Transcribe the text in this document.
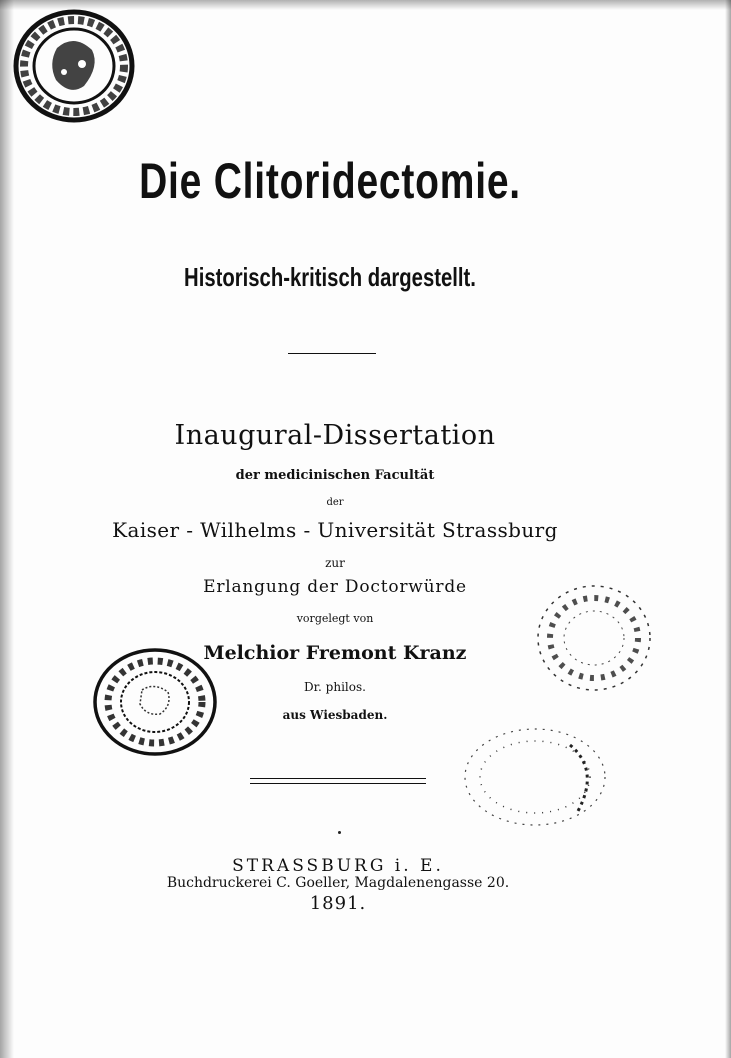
Die Clitoridectomie.
Historisch-kritisch dargestellt.
Inaugural-Dissertation
der medicinischen Facultät
der
Kaiser - Wilhelms - Universität Strassburg
zur
Erlangung der Doctorwürde
vorgelegt von
Melchior Fremont Kranz
Dr. philos.
aus Wiesbaden.
STRASSBURG i. E.
Buchdruckerei C. Goeller, Magdalenengasse 20.
1891.
